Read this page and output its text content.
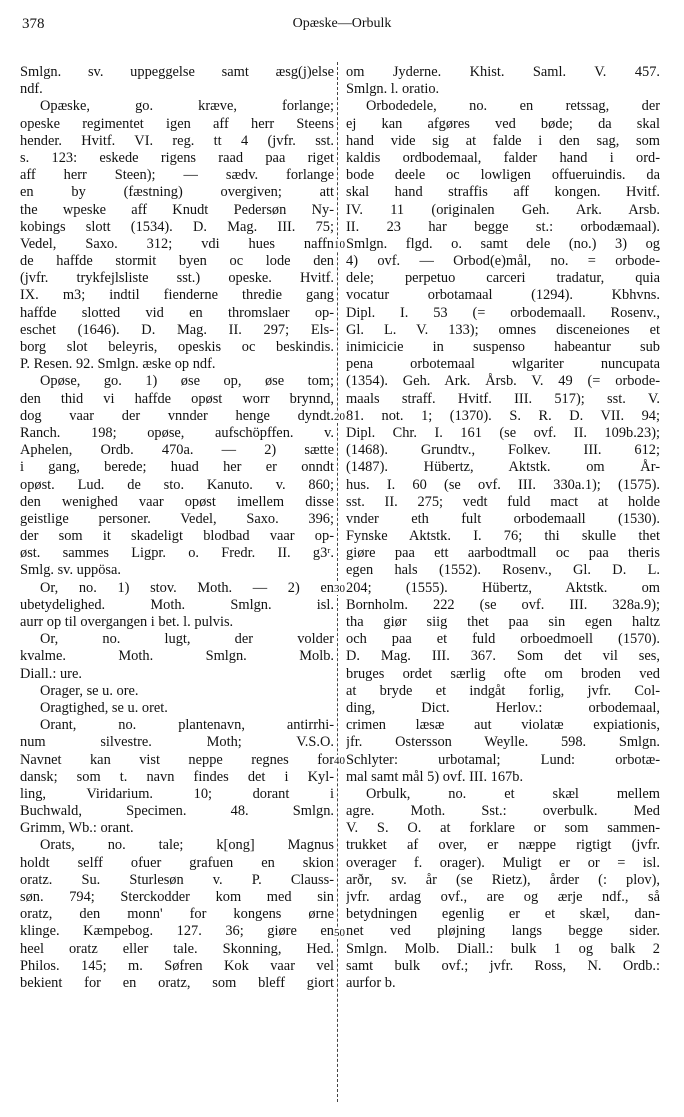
378	Opæske—Orbulk
10
20
30
40
50
Smlgn. sv. uppeggelse samt æsg(j)else
ndf.
Opæske, go. kræve, forlange;
opeske regimentet igen aff herr Steens
hender. Hvitf. VI. reg. tt 4 (jvfr. sst.
s. 123: eskede rigens raad paa riget
aff herr Steen); — sædv. forlange
en by (fæstning) overgiven; att
the wpeske aff Knudt Pedersøn Ny-
kobings slott (1534). D. Mag. III. 75;
Vedel, Saxo. 312; vdi hues naffn
de haffde stormit byen oc lode den
(jvfr. trykfejlsliste sst.) opeske. Hvitf.
IX. m3; indtil fienderne thredie gang
haffde slotted vid en thromslaer op-
eschet (1646). D. Mag. II. 297; Els-
borg slot beleyris, opeskis oc beskindis.
P. Resen. 92. Smlgn. æske op ndf.
Opøse, go. 1) øse op, øse tom;
den thid vi haffde opøst worr brynnd,
dog vaar der vnnder henge dyndt.
Ranch. 198; opøse, aufschöpffen. v.
Aphelen, Ordb. 470a. — 2) sætte
i gang, berede; huad her er onndt
opøst. Lud. de sto. Kanuto. v. 860;
den wenighed vaar opøst imellem disse
geistlige personer. Vedel, Saxo. 396;
der som it skadeligt blodbad vaar op-
øst. sammes Ligpr. o. Fredr. II. g3ʳ.
Smlg. sv. uppösa.
Or, no. 1) stov. Moth. — 2) en
ubetydelighed. Moth. Smlgn. isl.
aurr op til overgangen i bet. l. pulvis.
Or, no. lugt, der volder
kvalme. Moth. Smlgn. Molb.
Diall.: ure.
Orager, se u. ore.
Oragtighed, se u. oret.
Orant, no. plantenavn, antirrhi-
num silvestre. Moth; V.S.O.
Navnet kan vist neppe regnes for
dansk; som t. navn findes det i Kyl-
ling, Viridarium. 10; dorant i
Buchwald, Specimen. 48. Smlgn.
Grimm, Wb.: orant.
Orats, no. tale; k[ong] Magnus
holdt selff ofuer grafuen en skion
oratz. Su. Sturlesøn v. P. Clauss-
søn. 794; Sterckodder kom med sin
oratz, den monn' for kongens ørne
klinge. Kæmpebog. 127. 36; giøre en
heel oratz eller tale. Skonning, Hed.
Philos. 145; m. Søfren Kok vaar vel
bekient for en oratz, som bleff giort
om Jyderne. Khist. Saml. V. 457.
Smlgn. l. oratio.
Orbodedele, no. en retssag, der
ej kan afgøres ved bøde; da skal
hand vide sig at falde i den sag, som
kaldis ordbodemaal, falder hand i ord-
bode deele oc lowligen offueruindis. da
skal hand straffis aff kongen. Hvitf.
IV. 11 (originalen Geh. Ark. Arsb.
II. 23 har begge st.: orbodæmaal).
Smlgn. flgd. o. samt dele (no.) 3) og
4) ovf. — Orbod(e)mål, no. = orbode-
dele; perpetuo carceri tradatur, quia
vocatur orbotamaal (1294). Kbhvns.
Dipl. I. 53 (= orbodemaall. Rosenv.,
Gl. L. V. 133); omnes disceneiones et
inimicicie in suspenso habeantur sub
pena orbotemaal wlgariter nuncupata
(1354). Geh. Ark. Årsb. V. 49 (= orbode-
maals straff. Hvitf. III. 517); sst. V.
81. not. 1; (1370). S. R. D. VII. 94;
Dipl. Chr. I. 161 (se ovf. II. 109b.23);
(1468). Grundtv., Folkev. III. 612;
(1487). Hübertz, Aktstk. om År-
hus. I. 60 (se ovf. III. 330a.1); (1575).
sst. II. 275; vedt fuld mact at holde
vnder eth fult orbodemaall (1530).
Fynske Aktstk. I. 76; thi skulle thet
giøre paa ett aarbodtmall oc paa theris
egen hals (1552). Rosenv., Gl. D. L.
204; (1555). Hübertz, Aktstk. om
Bornholm. 222 (se ovf. III. 328a.9);
tha giør siig thet paa sin egen haltz
och paa et fuld orboedmoell (1570).
D. Mag. III. 367. Som det vil ses,
bruges ordet særlig ofte om broden ved
at bryde et indgåt forlig, jvfr. Col-
ding, Dict. Herlov.: orbodemaal,
crimen læsæ aut violatæ expiationis,
jfr. Ostersson Weylle. 598. Smlgn.
Schlyter: urbotamal; Lund: orbotæ-
mal samt mål 5) ovf. III. 167b.
Orbulk, no. et skæl mellem
agre. Moth. Sst.: overbulk. Med
V. S. O. at forklare or som sammen-
trukket af over, er næppe rigtigt (jvfr.
overager f. orager). Muligt er or = isl.
arðr, sv. år (se Rietz), årder (: plov),
jvfr. ardag ovf., are og ærje ndf., så
betydningen egenlig er et skæl, dan-
net ved pløjning langs begge sider.
Smlgn. Molb. Diall.: bulk 1 og balk 2
samt bulk ovf.; jvfr. Ross, N. Ordb.:
aurfor b.
